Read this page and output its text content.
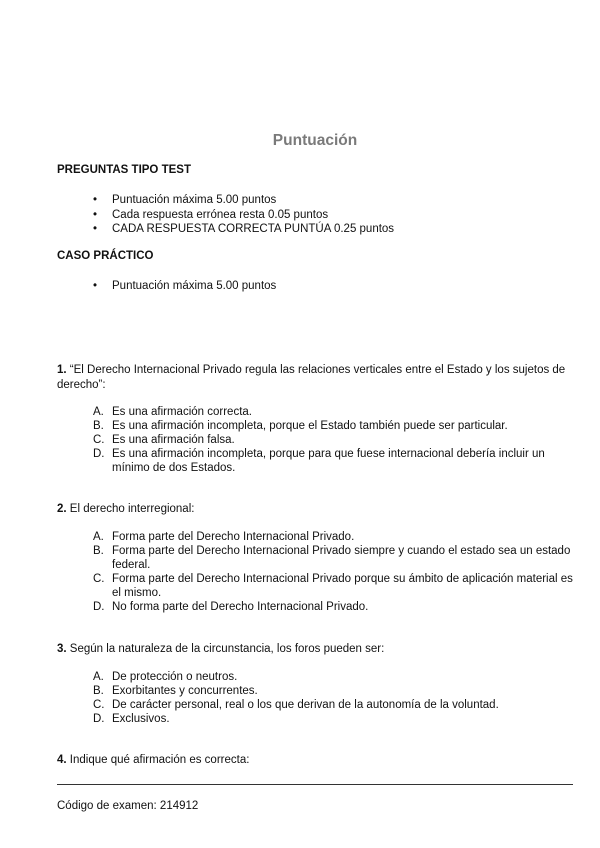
Puntuación
PREGUNTAS TIPO TEST
• Puntuación máxima 5.00 puntos
• Cada respuesta errónea resta 0.05 puntos
• CADA RESPUESTA CORRECTA PUNTÚA 0.25 puntos
CASO PRÁCTICO
• Puntuación máxima 5.00 puntos
1. “El Derecho Internacional Privado regula las relaciones verticales entre el Estado y los sujetos de derecho”:
A. Es una afirmación correcta.
B. Es una afirmación incompleta, porque el Estado también puede ser particular.
C. Es una afirmación falsa.
D. Es una afirmación incompleta, porque para que fuese internacional debería incluir un mínimo de dos Estados.
2. El derecho interregional:
A. Forma parte del Derecho Internacional Privado.
B. Forma parte del Derecho Internacional Privado siempre y cuando el estado sea un estado federal.
C. Forma parte del Derecho Internacional Privado porque su ámbito de aplicación material es el mismo.
D. No forma parte del Derecho Internacional Privado.
3. Según la naturaleza de la circunstancia, los foros pueden ser:
A. De protección o neutros.
B. Exorbitantes y concurrentes.
C. De carácter personal, real o los que derivan de la autonomía de la voluntad.
D. Exclusivos.
4. Indique qué afirmación es correcta:
Código de examen: 214912
